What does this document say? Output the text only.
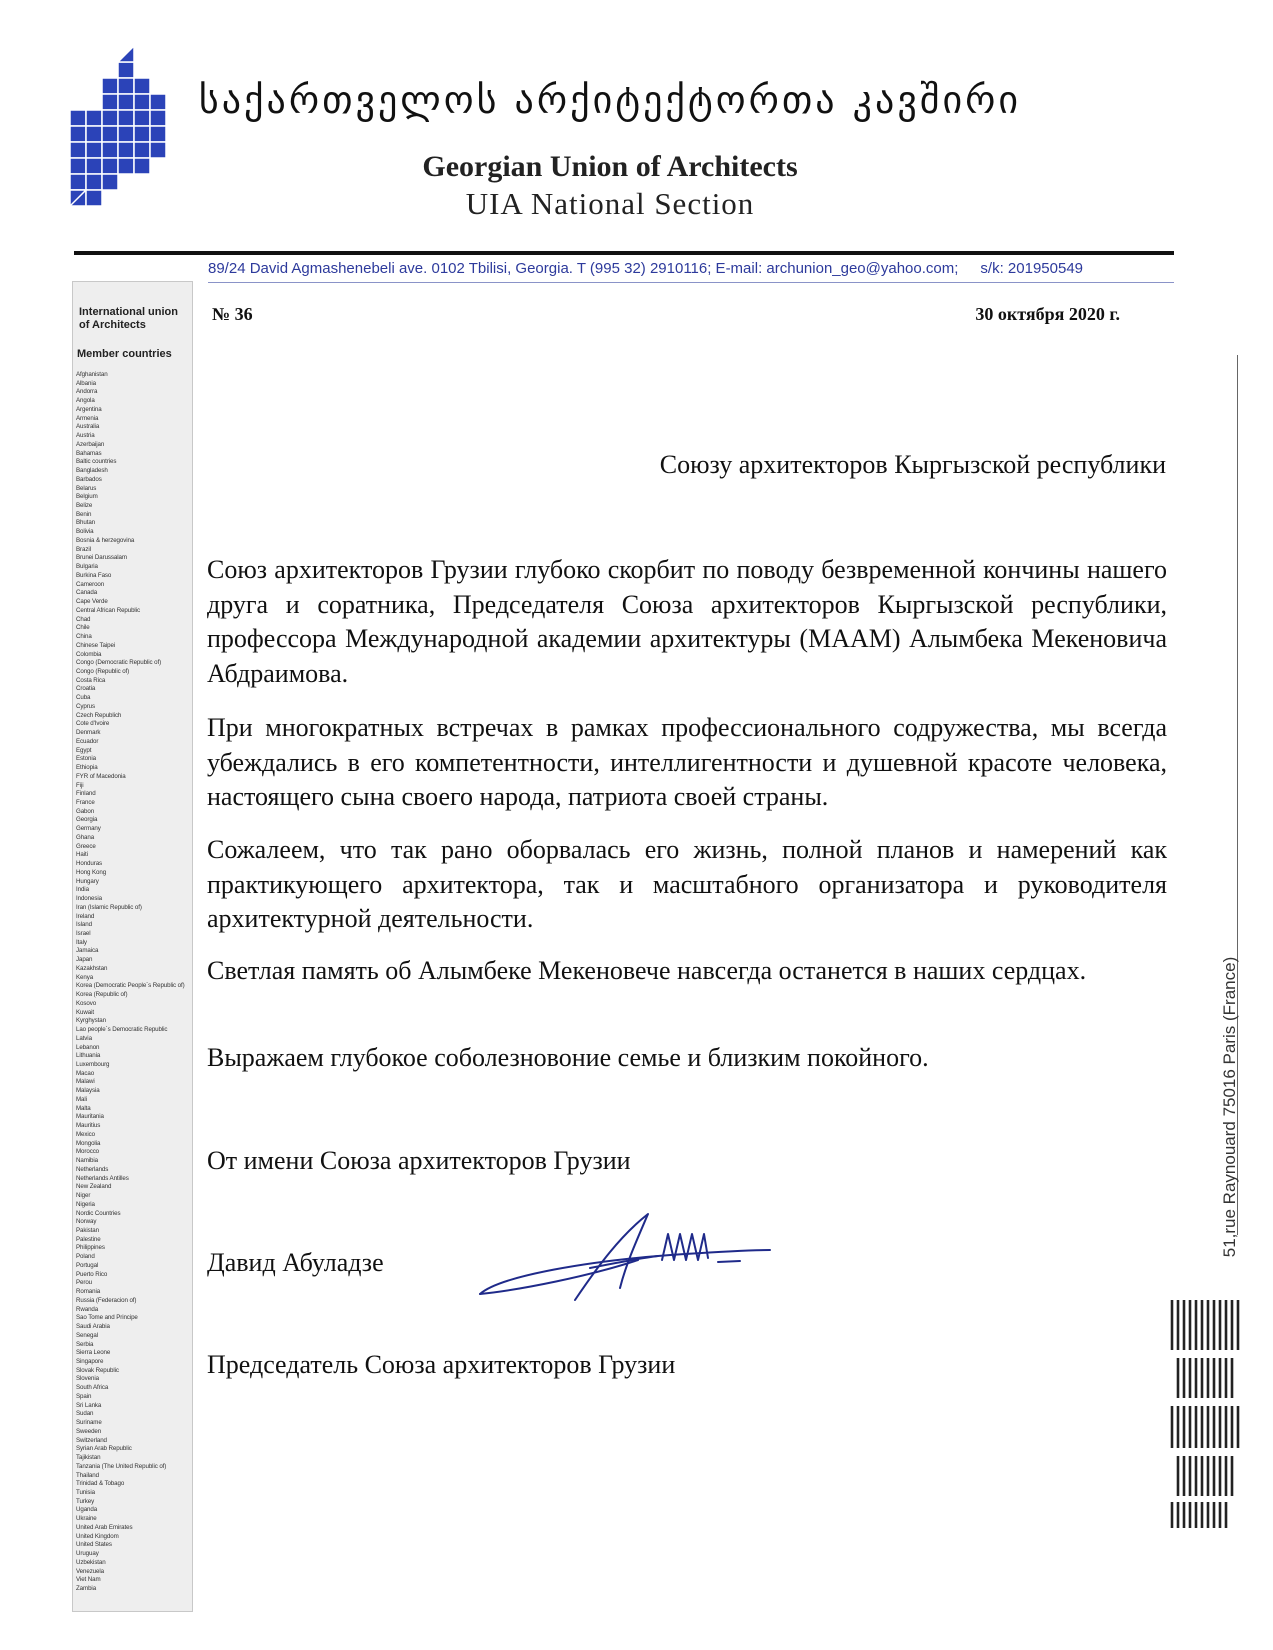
საქართველოს არქიტექტორთა კავშირი
Georgian Union of Architects
UIA National Section
89/24 David Agmashenebeli ave. 0102 Tbilisi, Georgia. T (995 32) 2910116; E-mail: archunion_geo@yahoo.com; s/k: 201950549
International union of Architects
Member countries
Afghanistan
Albania
Andorra
Angola
Argentina
Armenia
Australia
Austria
Azerbaijan
Bahamas
Baltic countries
Bangladesh
Barbados
Belarus
Belgium
Belize
Benin
Bhutan
Bolivia
Bosnia & herzegovina
Brazil
Brunei Darussalam
Bulgaria
Burkina Faso
Cameroon
Canada
Cape Verde
Central African Republic
Chad
Chile
China
Chinese Taipei
Colombia
Congo (Democratic Republic of)
Congo (Republic of)
Costa Rica
Croatia
Cuba
Cyprus
Czech Republich
Cote d'Ivoire
Denmark
Ecuador
Egypt
Estonia
Ethiopia
FYR of Macedonia
Fiji
Finland
France
Gabon
Georgia
Germany
Ghana
Greece
Haiti
Honduras
Hong Kong
Hungary
India
Indonesia
Iran (Islamic Republic of)
Ireland
Island
Israel
Italy
Jamaica
Japan
Kazakhstan
Kenya
Korea (Democratic People`s Republic of)
Korea (Republic of)
Kosovo
Kuwait
Kyrghystan
Lao people`s Democratic Republic
Latvia
Lebanon
Lithuania
Luxembourg
Macao
Malawi
Malaysia
Mali
Malta
Mauritania
Mauritius
Mexico
Mongolia
Morocco
Namibia
Netherlands
Netherlands Antilles
New Zealand
Niger
Nigeria
Nordic Countries
Norway
Pakistan
Palestine
Philippines
Poland
Portugal
Puerto Rico
Perou
Romania
Russia (Federacion of)
Rwanda
Sao Tome and Principe
Saudi Arabia
Senegal
Serbia
Sierra Leone
Singapore
Slovak Republic
Slovenia
South Africa
Spain
Sri Lanka
Sudan
Suriname
Sweeden
Switzerland
Syrian Arab Republic
Tajikistan
Tanzania (The United Republic of)
Thailand
Trinidad & Tobago
Tunisia
Turkey
Uganda
Ukraine
United Arab Emirates
United Kingdom
United States
Uruguay
Uzbekistan
Venezuela
Viet Nam
Zambia
№ 36	30 октября 2020 г.
Союзу архитекторов Кыргызской республики

Союз архитекторов Грузии глубоко скорбит по поводу безвременной кончины нашего друга и соратника, Председателя Союза архитекторов Кыргызской республики, профессора Международной академии архитектуры (МААМ) Алымбека Мекеновича Абдраимова.

При многократных встречах в рамках профессионального содружества, мы всегда убеждались в его компетентности, интеллигентности и душевной красоте человека, настоящего сына своего народа, патриота своей страны.

Сожалеем, что так рано оборвалась его жизнь, полной планов и намерений как практикующего архитектора, так и масштабного организатора и руководителя архитектурной деятельности.

Светлая память об Алымбеке Мекеновече навсегда останется в наших сердцах.

Выражаем глубокое соболезновоние семье и близким покойного.

От имени Союза архитекторов Грузии
Давид Абуладзе
Председатель Союза архитекторов Грузии
51,rue Raynouard 75016 Paris (France)
